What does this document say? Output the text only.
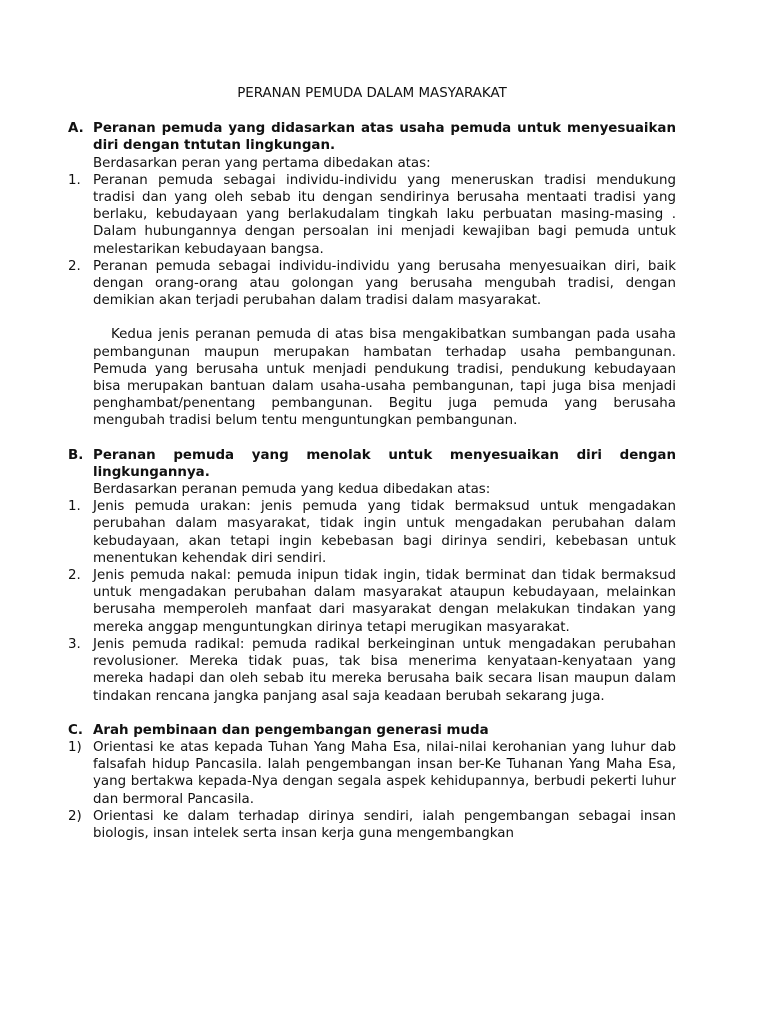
PERANAN PEMUDA DALAM MASYARAKAT
A. Peranan pemuda yang didasarkan atas usaha pemuda untuk menyesuaikan diri dengan tntutan lingkungan.
Berdasarkan peran yang pertama dibedakan atas:
1. Peranan pemuda sebagai individu-individu yang meneruskan tradisi mendukung tradisi dan yang oleh sebab itu dengan sendirinya berusaha mentaati tradisi yang berlaku, kebudayaan yang berlakudalam tingkah laku perbuatan masing-masing . Dalam hubungannya dengan persoalan ini menjadi kewajiban bagi pemuda untuk melestarikan kebudayaan bangsa.
2. Peranan pemuda sebagai individu-individu yang berusaha menyesuaikan diri, baik dengan orang-orang atau golongan yang berusaha mengubah tradisi, dengan demikian akan terjadi perubahan dalam tradisi dalam masyarakat.
Kedua jenis peranan pemuda di atas bisa mengakibatkan sumbangan pada usaha pembangunan maupun merupakan hambatan terhadap usaha pembangunan. Pemuda yang berusaha untuk menjadi pendukung tradisi, pendukung kebudayaan bisa merupakan bantuan dalam usaha-usaha pembangunan, tapi juga bisa menjadi penghambat/penentang pembangunan. Begitu juga pemuda yang berusaha mengubah tradisi belum tentu menguntungkan pembangunan.
B. Peranan pemuda yang menolak untuk menyesuaikan diri dengan lingkungannya.
Berdasarkan peranan pemuda yang kedua dibedakan atas:
1. Jenis pemuda urakan: jenis pemuda yang tidak bermaksud untuk mengadakan perubahan dalam masyarakat, tidak ingin untuk mengadakan perubahan dalam kebudayaan, akan tetapi ingin kebebasan bagi dirinya sendiri, kebebasan untuk menentukan kehendak diri sendiri.
2. Jenis pemuda nakal: pemuda inipun tidak ingin, tidak berminat dan tidak bermaksud untuk mengadakan perubahan dalam masyarakat ataupun kebudayaan, melainkan berusaha memperoleh manfaat dari masyarakat dengan melakukan tindakan yang mereka anggap menguntungkan dirinya tetapi merugikan masyarakat.
3. Jenis pemuda radikal: pemuda radikal berkeinginan untuk mengadakan perubahan revolusioner. Mereka tidak puas, tak bisa menerima kenyataan-kenyataan yang mereka hadapi dan oleh sebab itu mereka berusaha baik secara lisan maupun dalam tindakan rencana jangka panjang asal saja keadaan berubah sekarang juga.
C. Arah pembinaan dan pengembangan generasi muda
1) Orientasi ke atas kepada Tuhan Yang Maha Esa, nilai-nilai kerohanian yang luhur dab falsafah hidup Pancasila. Ialah pengembangan insan ber-Ke Tuhanan Yang Maha Esa, yang bertakwa kepada-Nya dengan segala aspek kehidupannya, berbudi pekerti luhur dan bermoral Pancasila.
2) Orientasi ke dalam terhadap dirinya sendiri, ialah pengembangan sebagai insan biologis, insan intelek serta insan kerja guna mengembangkan
